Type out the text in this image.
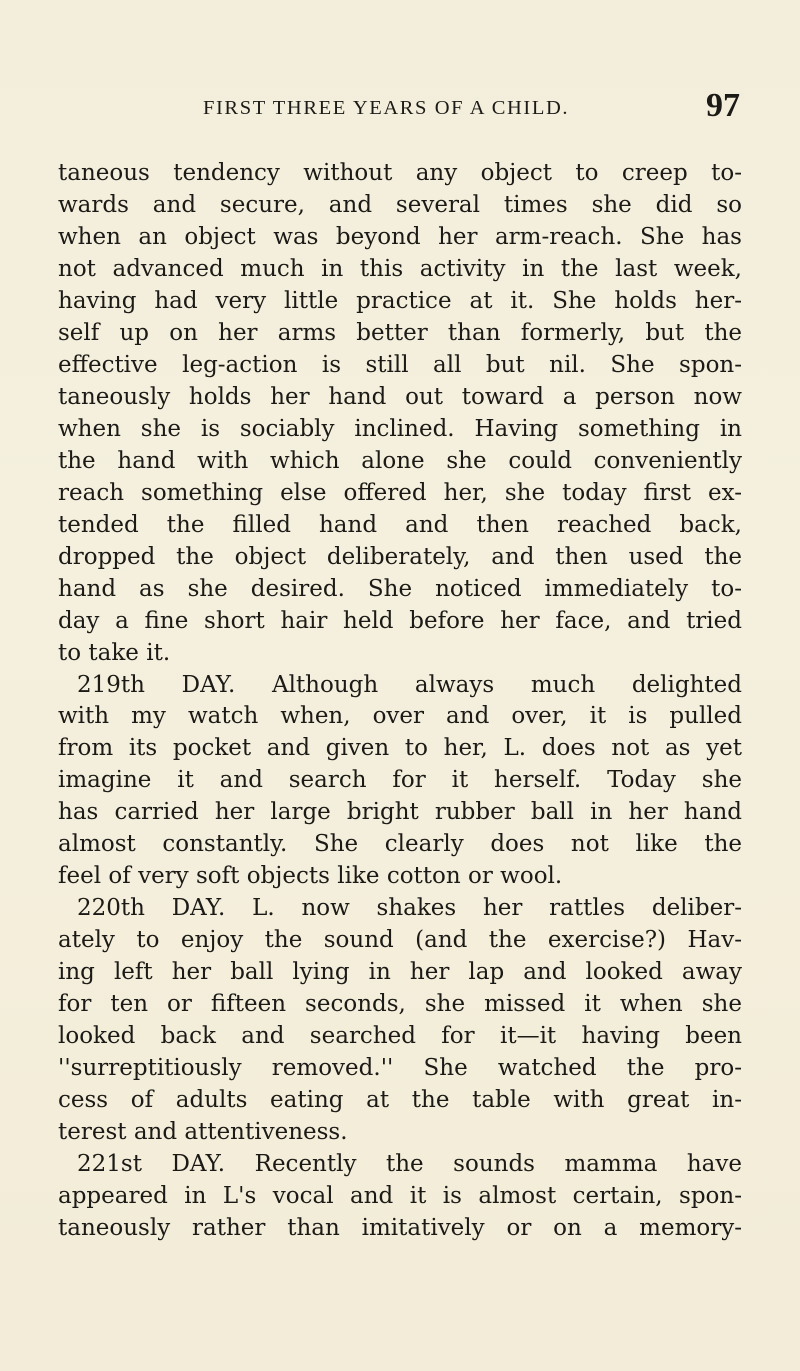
FIRST THREE YEARS OF A CHILD.	97
taneous tendency without any object to creep to-
wards and secure, and several times she did so
when an object was beyond her arm-reach. She has
not advanced much in this activity in the last week,
having had very little practice at it. She holds her-
self up on her arms better than formerly, but the
effective leg-action is still all but nil. She spon-
taneously holds her hand out toward a person now
when she is sociably inclined. Having something in
the hand with which alone she could conveniently
reach something else offered her, she today first ex-
tended the filled hand and then reached back,
dropped the object deliberately, and then used the
hand as she desired. She noticed immediately to-
day a fine short hair held before her face, and tried
to take it.
219th DAY. Although always much delighted
with my watch when, over and over, it is pulled
from its pocket and given to her, L. does not as yet
imagine it and search for it herself. Today she
has carried her large bright rubber ball in her hand
almost constantly. She clearly does not like the
feel of very soft objects like cotton or wool.
220th DAY. L. now shakes her rattles deliber-
ately to enjoy the sound (and the exercise?) Hav-
ing left her ball lying in her lap and looked away
for ten or fifteen seconds, she missed it when she
looked back and searched for it—it having been
''surreptitiously removed.'' She watched the pro-
cess of adults eating at the table with great in-
terest and attentiveness.
221st DAY. Recently the sounds mamma have
appeared in L's vocal and it is almost certain, spon-
taneously rather than imitatively or on a memory-
